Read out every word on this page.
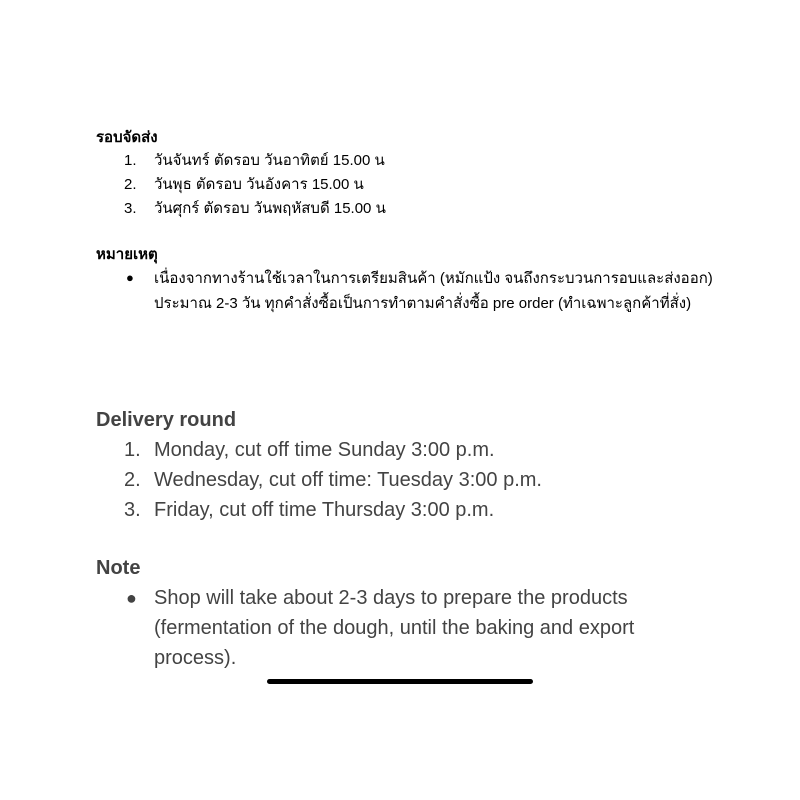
รอบจัดส่ง
1. วันจันทร์ ตัดรอบ วันอาทิตย์ 15.00 น
2. วันพุธ ตัดรอบ วันอังคาร 15.00 น
3. วันศุกร์ ตัดรอบ วันพฤหัสบดี 15.00 น
หมายเหตุ
● เนื่องจากทางร้านใช้เวลาในการเตรียมสินค้า (หมักแป้ง จนถึงกระบวนการอบและส่งออก) ประมาณ 2-3 วัน ทุกคำสั่งซื้อเป็นการทำตามคำสั่งซื้อ pre order (ทำเฉพาะลูกค้าที่สั่ง)
Delivery round
1. Monday, cut off time Sunday 3:00 p.m.
2. Wednesday, cut off time: Tuesday 3:00 p.m.
3. Friday, cut off time Thursday 3:00 p.m.
Note
● Shop will take about 2-3 days to prepare the products (fermentation of the dough, until the baking and export process).
